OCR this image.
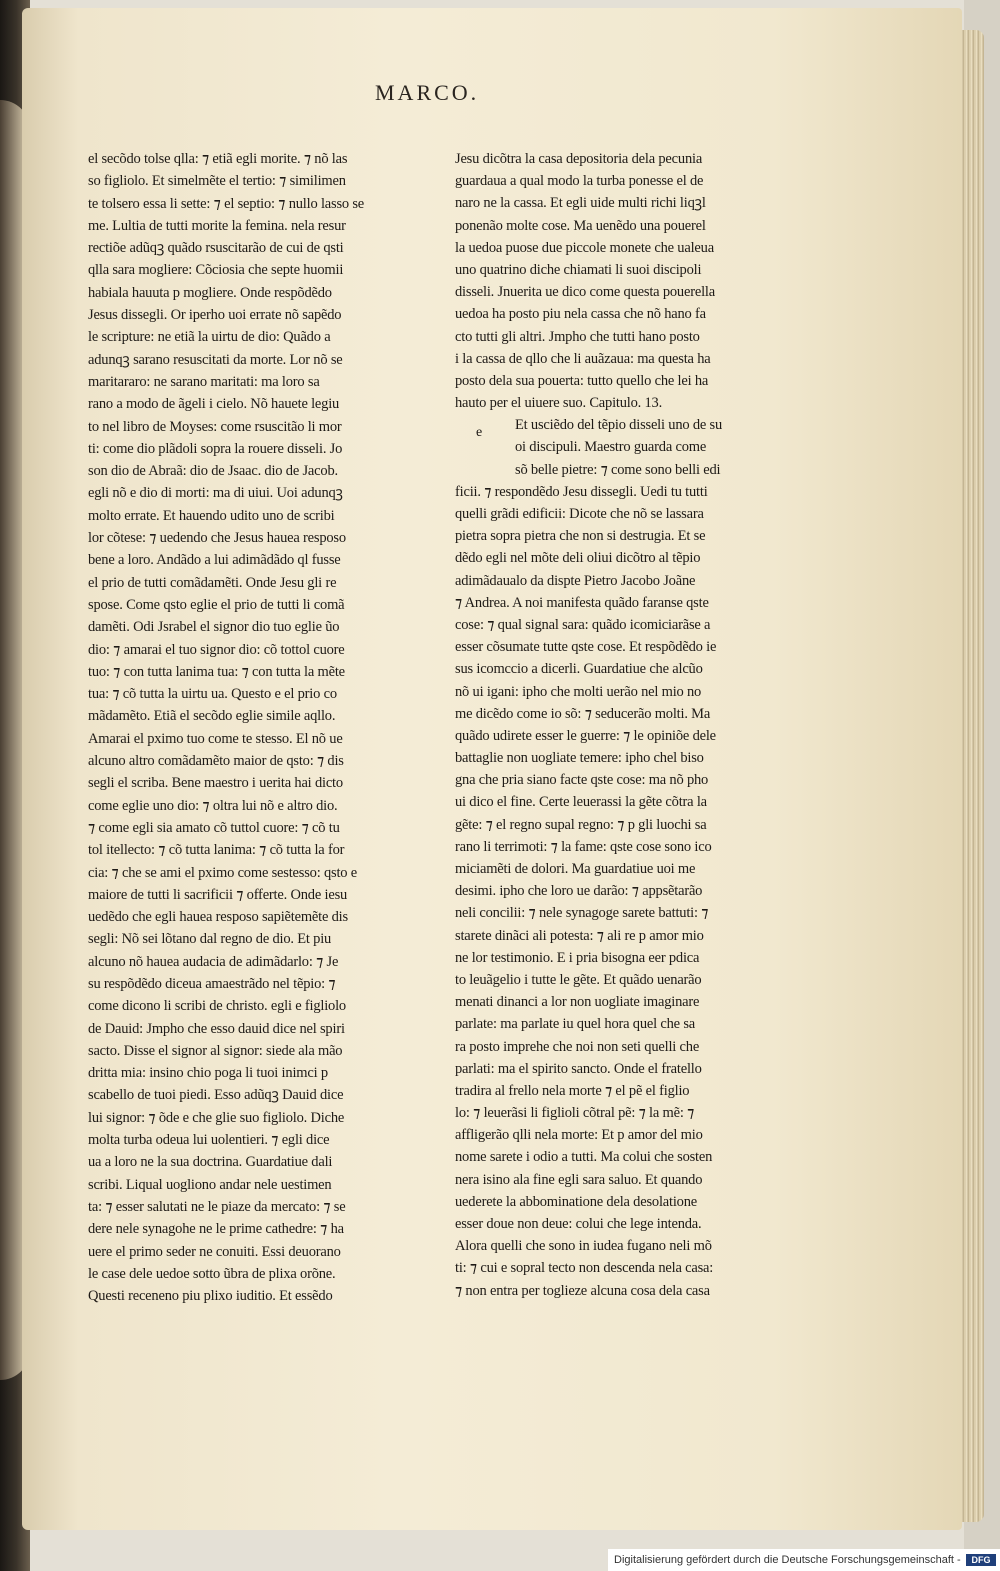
MARCO.
el secõdo tolse qlla: ⁊ etiã egli morite. ⁊ nõ las
so figliolo. Et simelmẽte el tertio: ⁊ similimen
te tolsero essa li sette: ⁊ el septio: ⁊ nullo lasso se
me. Lultia de tutti morite la femina. nela resur
rectiõe adũqꝫ quãdo rsuscitarão de cui de qsti
qlla sara mogliere: Cõciosia che septe huomii
habiala hauuta p mogliere. Onde respõdẽdo
Jesus dissegli. Or iperho uoi errate nõ sapẽdo
le scripture: ne etiã la uirtu de dio: Quãdo a
adunqꝫ sarano resuscitati da morte. Lor nõ se
maritararo: ne sarano maritati: ma loro sa
rano a modo de ãgeli i cielo. Nõ hauete legiu
to nel libro de Moyses: come rsuscitão li mor
ti: come dio plãdoli sopra la rouere disseli. Jo
son dio de Abraã: dio de Jsaac. dio de Jacob.
egli nõ e dio di morti: ma di uiui. Uoi adunqꝫ
molto errate. Et hauendo udito uno de scribi
lor cõtese: ⁊ uedendo che Jesus haueа resposo
bene a loro. Andãdo a lui adimãdãdo ql fusse
el prio de tutti comãdamẽti. Onde Jesu gli re
spose. Come qsto eglie el prio de tutti li comã
damẽti. Odi Jsrabel el signor dio tuo eglie ũo
dio: ⁊ amarai el tuo signor dio: cõ tottol cuore
tuo: ⁊ con tutta lanima tua: ⁊ con tutta la mẽte
tua: ⁊ cõ tutta la uirtu ua. Questo e el prio co
mãdamẽto. Etiã el secõdo eglie simile aqllo.
Amarai el pximo tuo come te stesso. El nõ ue
alcuno altro comãdamẽto maior de qsto: ⁊ dis
segli el scriba. Bene maestro i uerita hai dicto
come eglie uno dio: ⁊ oltra lui nõ e altro dio.
⁊ come egli sia amato cõ tuttol cuore: ⁊ cõ tu
tol itellecto: ⁊ cõ tutta lanima: ⁊ cõ tutta la for
cia: ⁊ che se ami el pximo come sestesso: qsto e
maiore de tutti li sacrificii ⁊ offerte. Onde iesu
uedẽdo che egli haueа resposo sapiẽtemẽte dis
segli: Nõ sei lõtano dal regno de dio. Et piu
alcuno nõ haueа audacia de adimãdarlo: ⁊ Je
su respõdẽdo diceua amaestrãdo nel tẽpio: ⁊
come dicono li scribi de christo. egli e figliolo
de Dauid: Jmpho che esso dauid dice nel spiri
sacto. Disse el signor al signor: siede ala mão
dritta mia: insino chio poga li tuoi inimci p
scabello de tuoi piedi. Esso adũqꝫ Dauid dice
lui signor: ⁊ õde e che glie suo figliolo. Diche
molta turba odeua lui uolentieri. ⁊ egli dice
ua a loro ne la sua doctrina. Guardatiue dali
scribi. Liqual uogliono andar nele uestimen
ta: ⁊ esser salutati ne le piaze da mercato: ⁊ se
dere nele synagohe ne le prime cathedre: ⁊ ha
uere el primo seder ne conuiti. Essi deuorano
le case dele uedoe sotto ũbra de plixa orõne.
Questi receneno piu plixo iuditio. Et essẽdo
Jesu dicõtra la casa depositoria dela pecunia
guardaua a qual modo la turba ponesse el de
naro ne la cassa. Et egli uide multi richi liqꝫl
ponenão molte cose. Ma uenẽdo una pouerel
la uedoa puose due piccole monete che ualeua
uno quatrino diche chiamati li suoi discipoli
disseli. Jnuerita ue dico come questa pouerella
uedoa ha posto piu nela cassa che nõ hano fa
cto tutti gli altri. Jmpho che tutti hano posto
i la cassa de qllo che li auãzaua: ma questa ha
posto dela sua pouerta: tutto quello che lei ha
hauto per el uiuere suo. Capitulo. 13.
Et usciẽdo del tẽpio disseli uno de su
oi discipuli. Maestro guarda come
sõ belle pietre: ⁊ come sono belli edi
ficii. ⁊ respondẽdo Jesu dissegli. Uedi tu tutti
quelli grãdi edificii: Dicote che nõ se lassara
pietra sopra pietra che non si destrugia. Et se
dẽdo egli nel mõte deli oliui dicõtro al tẽpio
adimãdaualo da dispte Pietro Jacobo Joãne
⁊ Andrea. A noi manifesta quãdo faranse qste
cose: ⁊ qual signal sara: quãdo icomiciarãse a
esser cõsumate tutte qste cose. Et respõdẽdo ie
sus icomccio a dicerli. Guardatiue che alcũo
nõ ui igani: ipho che molti uerão nel mio no
me dicẽdo come io sõ: ⁊ seducerão molti. Ma
quãdo udirete esser le guerre: ⁊ le opiniõe dele
battaglie non uogliate temere: ipho chel biso
gna che pria siano facte qste cose: ma nõ pho
ui dico el fine. Certe leuerassi la gẽte cõtra la
gẽte: ⁊ el regno supal regno: ⁊ p gli luochi sa
rano li terrimoti: ⁊ la fame: qste cose sono ico
miciamẽti de dolori. Ma guardatiue uoi me
desimi. ipho che loro ue darão: ⁊ appsẽtarão
neli concilii: ⁊ nele synagoge sarete battuti: ⁊
starete dinãci ali potesta: ⁊ ali re p amor mio
ne lor testimonio. E i pria bisogna eer pdica
to leuãgelio i tutte le gẽte. Et quãdo uenarão
menati dinanci a lor non uogliate imaginare
parlate: ma parlate iu quel hora quel che sa
ra posto imprehe che noi non seti quelli che
parlati: ma el spirito sancto. Onde el fratello
tradira al frello nela morte ⁊ el pẽ el figlio
lo: ⁊ leuerãsi li figlioli cõtral pẽ: ⁊ la mẽ: ⁊
affligerão qlli nela morte: Et p amor del mio
nome sarete i odio a tutti. Ma colui che sosten
nera isino ala fine egli sara saluo. Et quando
uederete la abbominatione dela desolatione
esser doue non deue: colui che lege intenda.
Alora quelli che sono in iudea fugano neli mõ
ti: ⁊ cui e sopral tecto non descenda nela casa:
⁊ non entra per toglieze alcuna cosa dela casa
e
Digitalisierung gefördert durch die Deutsche Forschungsgemeinschaft -	DFG
